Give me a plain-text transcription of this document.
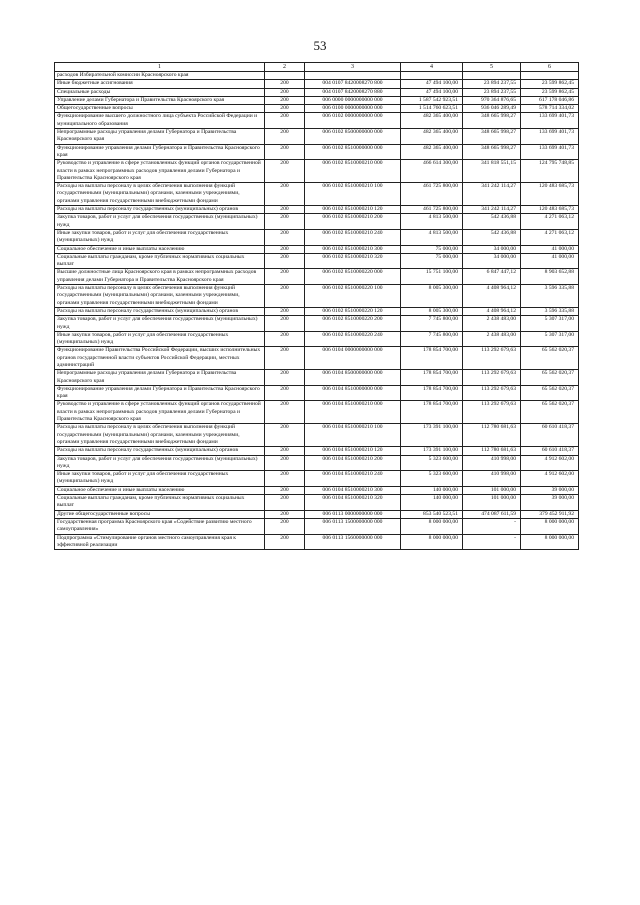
53
1	2	3	4	5	6
расходов Избирательной комиссии Красноярского края					
Иные бюджетные ассигнования	200	004 0107 8420008270 800	47 494 100,00	23 894 237,55	23 599 862,45
Специальные расходы	200	004 0107 8420008270 880	47 494 100,00	23 894 237,55	23 599 862,45
Управление делами Губернатора и Правительства Красноярского края	200	006 0000 0000000000 000	1 587 542 923,51	970 364 876,65	617 178 046,86
Общегосударственные вопросы	200	006 0100 0000000000 000	1 514 760 623,51	936 046 289,49	578 714 334,02
Функционирование высшего должностного лица субъекта Российской Федерации и муниципального образования	200	006 0102 0000000000 000	482 365 400,00	348 665 998,27	133 699 401,73
Непрограммные расходы управления делами Губернатора и Правительства Красноярского края	200	006 0102 8500000000 000	482 365 400,00	348 665 998,27	133 699 401,73
Функционирование управления делами Губернатора и Правительства Красноярского края	200	006 0102 8510000000 000	482 365 400,00	348 665 998,27	133 699 401,73
Руководство и управление в сфере установленных функций органов государственной власти в рамках непрограммных расходов управления делами Губернатора и Правительства Красноярского края	200	006 0102 8510000210 000	466 614 300,00	341 818 551,15	124 795 748,85
Расходы на выплаты персоналу в целях обеспечения выполнения функций государственными (муниципальными) органами, казенными учреждениями, органами управления государственными внебюджетными фондами	200	006 0102 8510000210 100	461 725 800,00	341 242 114,27	120 483 685,73
Расходы на выплаты персоналу государственных (муниципальных) органов	200	006 0102 8510000210 120	461 725 800,00	341 242 114,27	120 483 685,73
Закупка товаров, работ и услуг для обеспечения государственных (муниципальных) нужд	200	006 0102 8510000210 200	4 813 500,00	542 436,88	4 271 063,12
Иные закупки товаров, работ и услуг для обеспечения государственных (муниципальных) нужд	200	006 0102 8510000210 240	4 813 500,00	542 436,88	4 271 063,12
Социальное обеспечение и иные выплаты населению	200	006 0102 8510000210 300	75 000,00	34 000,00	41 000,00
Социальные выплаты гражданам, кроме публичных нормативных социальных выплат	200	006 0102 8510000210 320	75 000,00	34 000,00	41 000,00
Высшие должностные лица Красноярского края в рамках непрограммных расходов управления делами Губернатора и Правительства Красноярского края	200	006 0102 8510000220 000	15 751 100,00	6 847 447,12	8 903 652,88
Расходы на выплаты персоналу в целях обеспечения выполнения функций государственными (муниципальными) органами, казенными учреждениями, органами управления государственными внебюджетными фондами	200	006 0102 8510000220 100	8 005 300,00	4 408 964,12	3 596 335,88
Расходы на выплаты персоналу государственных (муниципальных) органов	200	006 0102 8510000220 120	8 005 300,00	4 408 964,12	3 596 335,88
Закупка товаров, работ и услуг для обеспечения государственных (муниципальных) нужд	200	006 0102 8510000220 200	7 745 800,00	2 438 483,00	5 307 317,00
Иные закупки товаров, работ и услуг для обеспечения государственных (муниципальных) нужд	200	006 0102 8510000220 240	7 745 800,00	2 438 483,00	5 307 317,00
Функционирование Правительства Российской Федерации, высших исполнительных органов государственной власти субъектов Российской Федерации, местных администраций	200	006 0104 0000000000 000	178 854 700,00	113 292 679,63	65 562 020,37
Непрограммные расходы управления делами Губернатора и Правительства Красноярского края	200	006 0104 8500000000 000	178 854 700,00	113 292 679,63	65 562 020,37
Функционирование управления делами Губернатора и Правительства Красноярского края	200	006 0104 8510000000 000	178 854 700,00	113 292 679,63	65 562 020,37
Руководство и управление в сфере установленных функций органов государственной власти в рамках непрограммных расходов управления делами Губернатора и Правительства Красноярского края	200	006 0104 8510000210 000	178 854 700,00	113 292 679,63	65 562 020,37
Расходы на выплаты персоналу в целях обеспечения выполнения функций государственными (муниципальными) органами, казенными учреждениями, органами управления государственными внебюджетными фондами	200	006 0104 8510000210 100	173 391 100,00	112 780 681,63	60 610 418,37
Расходы на выплаты персоналу государственных (муниципальных) органов	200	006 0104 8510000210 120	173 391 100,00	112 780 681,63	60 610 418,37
Закупка товаров, работ и услуг для обеспечения государственных (муниципальных) нужд	200	006 0104 8510000210 200	5 323 600,00	410 998,00	4 912 602,00
Иные закупки товаров, работ и услуг для обеспечения государственных (муниципальных) нужд	200	006 0104 8510000210 240	5 323 600,00	410 998,00	4 912 602,00
Социальное обеспечение и иные выплаты населению	200	006 0104 8510000210 300	140 000,00	101 000,00	39 000,00
Социальные выплаты гражданам, кроме публичных нормативных социальных выплат	200	006 0104 8510000210 320	140 000,00	101 000,00	39 000,00
Другие общегосударственные вопросы	200	006 0113 0000000000 000	853 540 523,51	474 087 611,59	379 452 911,92
Государственная программа Красноярского края «Содействие развитию местного самоуправления»	200	006 0113 1500000000 000	8 000 000,00	-	8 000 000,00
Подпрограмма «Стимулирование органов местного самоуправления края к эффективной реализации	200	006 0113 1560000000 000	8 000 000,00	-	8 000 000,00
